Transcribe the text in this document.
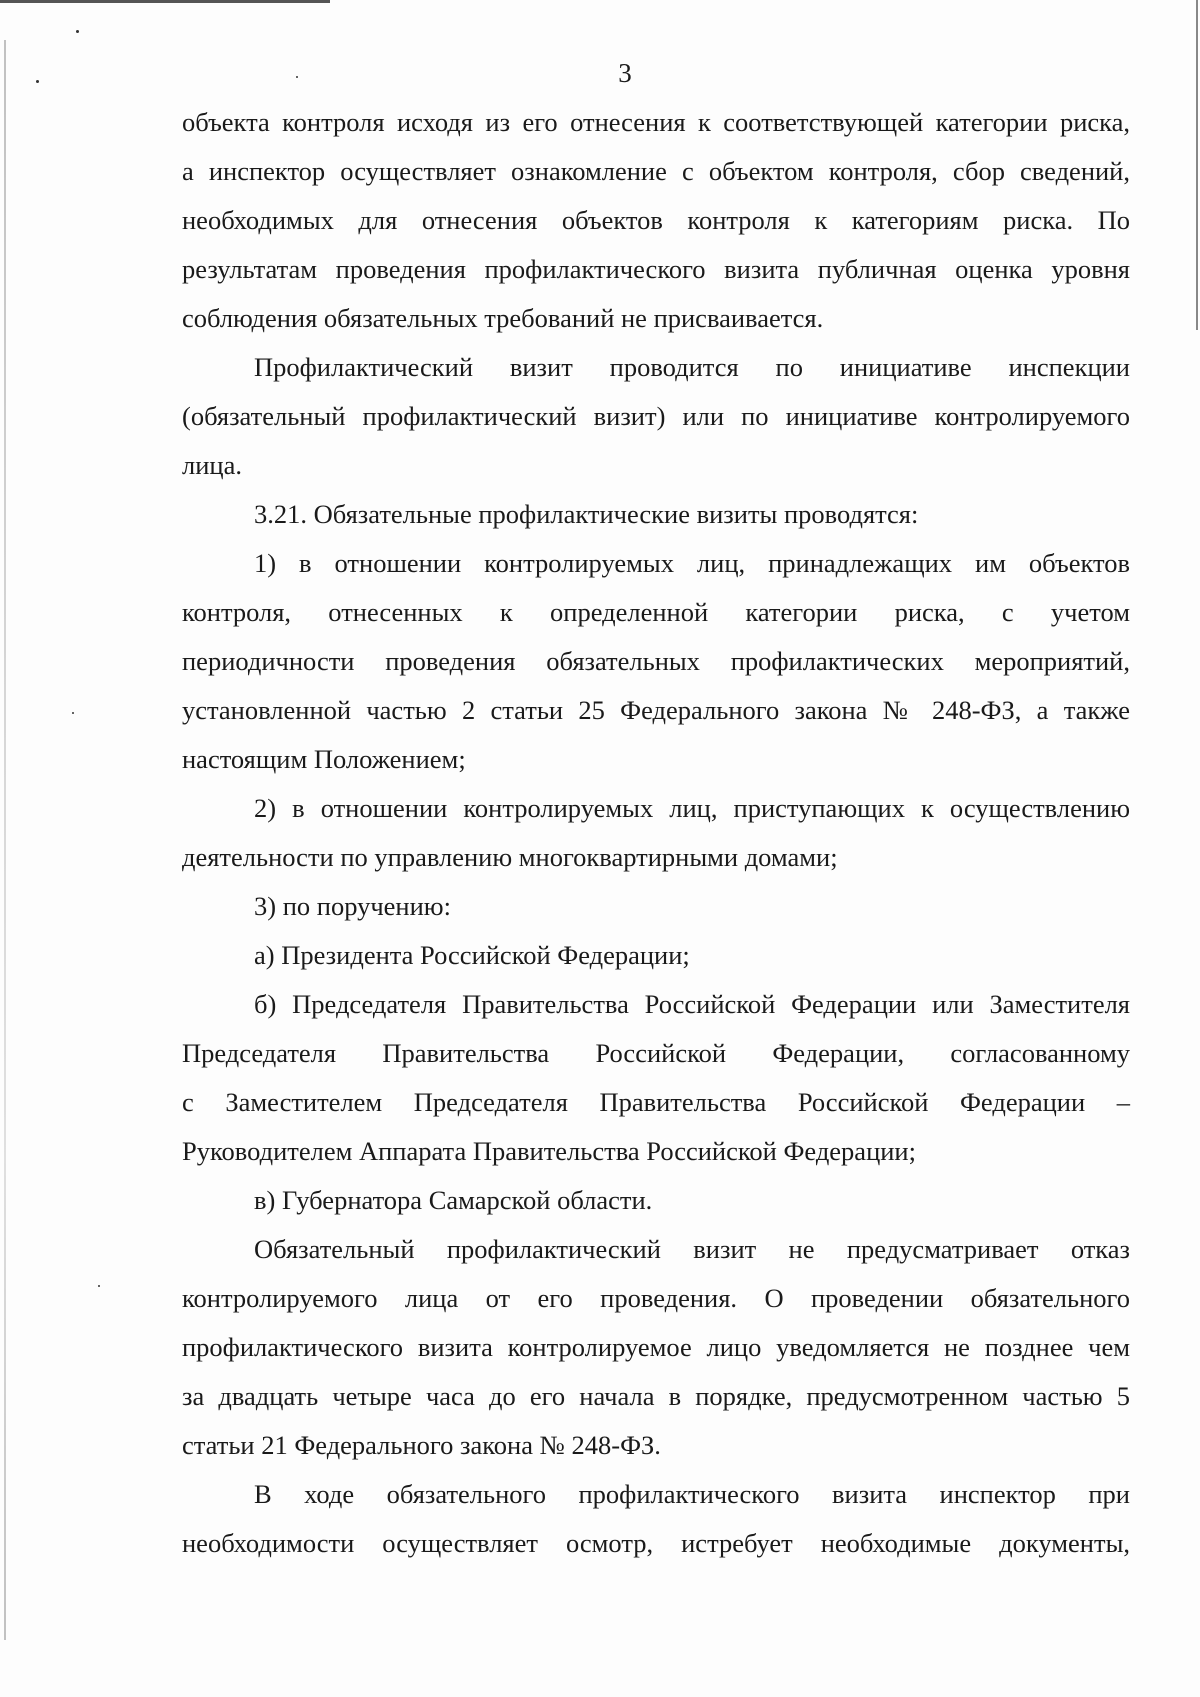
3

объекта контроля исходя из его отнесения к соответствующей категории риска,
а инспектор осуществляет ознакомление с объектом контроля, сбор сведений,
необходимых для отнесения объектов контроля к категориям риска. По
результатам проведения профилактического визита публичная оценка уровня
соблюдения обязательных требований не присваивается.

Профилактический визит проводится по инициативе инспекции
(обязательный профилактический визит) или по инициативе контролируемого
лица.

3.21. Обязательные профилактические визиты проводятся:

1) в отношении контролируемых лиц, принадлежащих им объектов
контроля, отнесенных к определенной категории риска, с учетом
периодичности проведения обязательных профилактических мероприятий,
установленной частью 2 статьи 25 Федерального закона № 248-ФЗ, а также
настоящим Положением;

2) в отношении контролируемых лиц, приступающих к осуществлению
деятельности по управлению многоквартирными домами;

3) по поручению:

а) Президента Российской Федерации;

б) Председателя Правительства Российской Федерации или Заместителя
Председателя Правительства Российской Федерации, согласованному
с Заместителем Председателя Правительства Российской Федерации –
Руководителем Аппарата Правительства Российской Федерации;

в) Губернатора Самарской области.

Обязательный профилактический визит не предусматривает отказ
контролируемого лица от его проведения. О проведении обязательного
профилактического визита контролируемое лицо уведомляется не позднее чем
за двадцать четыре часа до его начала в порядке, предусмотренном частью 5
статьи 21 Федерального закона № 248-ФЗ.

В ходе обязательного профилактического визита инспектор при
необходимости осуществляет осмотр, истребует необходимые документы,
